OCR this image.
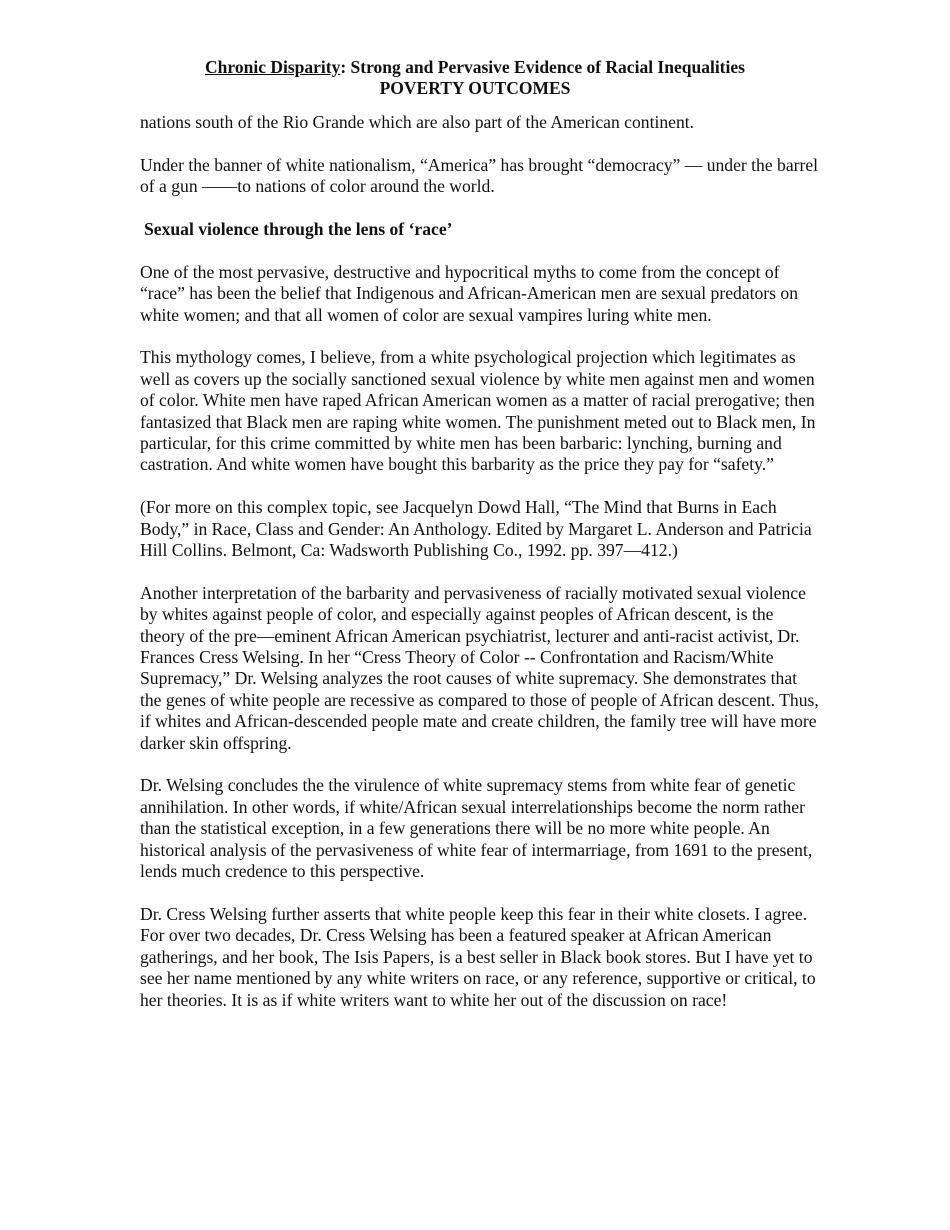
Chronic Disparity: Strong and Pervasive Evidence of Racial Inequalities
POVERTY OUTCOMES

nations south of the Rio Grande which are also part of the American continent.

Under the banner of white nationalism, “America” has brought “democracy” — under the barrel of a gun ——to nations of color around the world.

Sexual violence through the lens of ‘race’

One of the most pervasive, destructive and hypocritical myths to come from the concept of “race” has been the belief that Indigenous and African-American men are sexual predators on white women; and that all women of color are sexual vampires luring white men.

This mythology comes, I believe, from a white psychological projection which legitimates as well as covers up the socially sanctioned sexual violence by white men against men and women of color. White men have raped African American women as a matter of racial prerogative; then fantasized that Black men are raping white women. The punishment meted out to Black men, In particular, for this crime committed by white men has been barbaric: lynching, burning and castration. And white women have bought this barbarity as the price they pay for “safety.”

(For more on this complex topic, see Jacquelyn Dowd Hall, “The Mind that Burns in Each Body,” in Race, Class and Gender: An Anthology. Edited by Margaret L. Anderson and Patricia Hill Collins. Belmont, Ca: Wadsworth Publishing Co., 1992. pp. 397—412.)

Another interpretation of the barbarity and pervasiveness of racially motivated sexual violence by whites against people of color, and especially against peoples of African descent, is the theory of the pre—eminent African American psychiatrist, lecturer and anti-racist activist, Dr. Frances Cress Welsing. In her “Cress Theory of Color -- Confrontation and Racism/White Supremacy,” Dr. Welsing analyzes the root causes of white supremacy. She demonstrates that the genes of white people are recessive as compared to those of people of African descent. Thus, if whites and African-descended people mate and create children, the family tree will have more darker skin offspring.

Dr. Welsing concludes the the virulence of white supremacy stems from white fear of genetic annihilation. In other words, if white/African sexual interrelationships become the norm rather than the statistical exception, in a few generations there will be no more white people. An historical analysis of the pervasiveness of white fear of intermarriage, from 1691 to the present, lends much credence to this perspective.

Dr. Cress Welsing further asserts that white people keep this fear in their white closets. I agree. For over two decades, Dr. Cress Welsing has been a featured speaker at African American gatherings, and her book, The Isis Papers, is a best seller in Black book stores. But I have yet to see her name mentioned by any white writers on race, or any reference, supportive or critical, to her theories. It is as if white writers want to white her out of the discussion on race!
